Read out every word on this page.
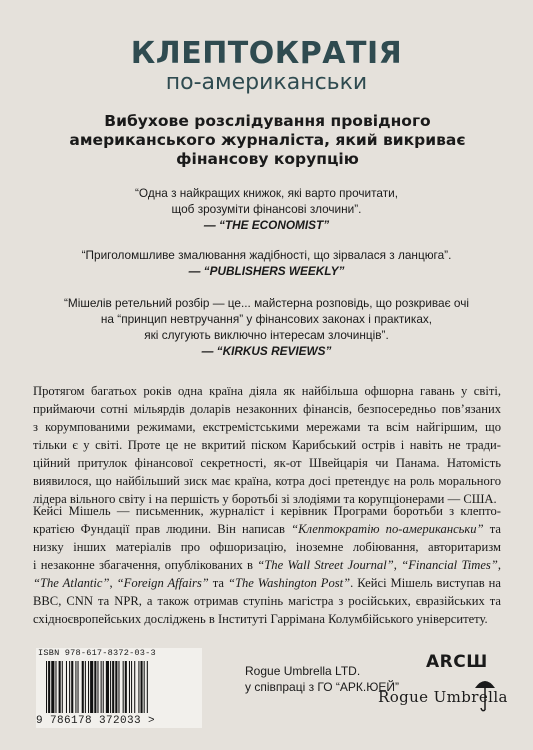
КЛЕПТОКРАТІЯ
по-американськи
Вибухове розслідування провідного
американського журналіста, який викриває
фінансову корупцію
“Одна з найкращих книжок, які варто прочитати,
щоб зрозуміти фінансові злочини”.
— “THE ECONOMIST”
“Приголомшливе змалювання жадібності, що зірвалася з ланцюга”.
— “PUBLISHERS WEEKLY”
“Мішелів ретельний розбір — це... майстерна розповідь, що розкриває очі
на “принцип невтручання” у фінансових законах і практиках,
які слугують виключно інтересам злочинців”.
— “KIRKUS REVIEWS”
Протягом багатьох років одна країна діяла як найбільша офшорна гавань у світі,
приймаючи сотні мільярдів доларів незаконних фінансів, безпосередньо пов’язаних
з корумпованими режимами, екстремістськими мережами та всім найгіршим, що
тільки є у світі. Проте це не вкритий піском Карибський острів і навіть не тради-
ційний притулок фінансової секретності, як-от Швейцарія чи Панама. Натомість
виявилося, що найбільший зиск має країна, котра досі претендує на роль морального
лідера вільного світу і на першість у боротьбі зі злодіями та корупціонерами — США.
Кейсі Мішель — письменник, журналіст і керівник Програми боротьби з клепто-
кратією Фундації прав людини. Він написав “Клептократію по-американськи” та
низку інших матеріалів про офшоризацію, іноземне лобіювання, авторитаризм
і незаконне збагачення, опублікованих в “The Wall Street Journal”, “Financial Times”,
“The Atlantic”, “Foreign Affairs” та “The Washington Post”. Кейсі Мішель виступав на
BBC, CNN та NPR, а також отримав ступінь магістра з російських, євразійських та
східноєвропейських досліджень в Інституті Гаррімана Колумбійського університету.
ISBN 978-617-8372-03-3
9 786178 372033 >
Rogue Umbrella LTD.
у співпраці з ГО “АРК.ЮЕЙ”
ARCШ
Rogue Umbrella
